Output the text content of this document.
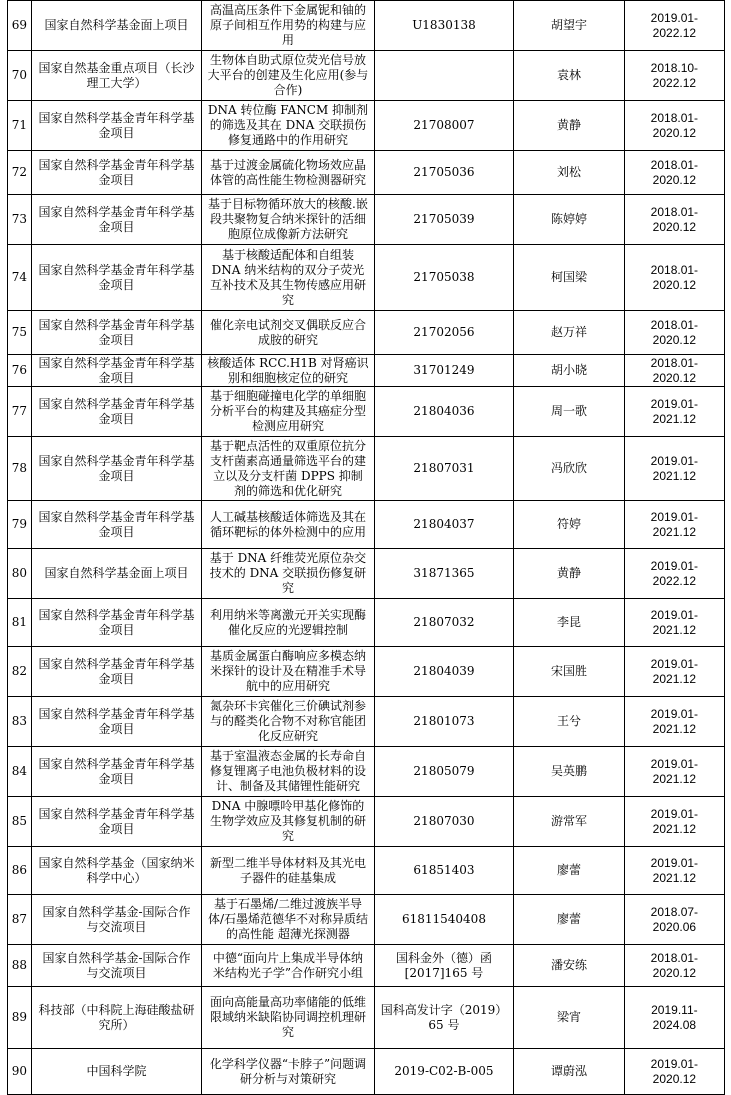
69	国家自然科学基金面上项目	高温高压条件下金属铌和铀的原子间相互作用势的构建与应用	U1830138	胡望宇	2019.01-
2022.12

70	国家自然基金重点项目（长沙理工大学）	生物体自助式原位荧光信号放大平台的创建及生化应用(参与合作)		袁林	2018.10-
2022.12

71	国家自然科学基金青年科学基金项目	DNA 转位酶 FANCM 抑制剂的筛选及其在 DNA 交联损伤修复通路中的作用研究	21708007	黄静	2018.01-
2020.12

72	国家自然科学基金青年科学基金项目	基于过渡金属硫化物场效应晶体管的高性能生物检测器研究	21705036	刘松	2018.01-
2020.12

73	国家自然科学基金青年科学基金项目	基于目标物循环放大的核酸.嵌段共聚物复合纳米探针的活细胞原位成像新方法研究	21705039	陈婷婷	2018.01-
2020.12

74	国家自然科学基金青年科学基金项目	基于核酸适配体和自组装 DNA 纳米结构的双分子荧光互补技术及其生物传感应用研究	21705038	柯国梁	2018.01-
2020.12

75	国家自然科学基金青年科学基金项目	催化亲电试剂交叉偶联反应合成胺的研究	21702056	赵万祥	2018.01-
2020.12

76	国家自然科学基金青年科学基金项目	核酸适体 RCC.H1B 对肾癌识别和细胞核定位的研究	31701249	胡小晓	2018.01-
2020.12

77	国家自然科学基金青年科学基金项目	基于细胞碰撞电化学的单细胞分析平台的构建及其癌症分型检测应用研究	21804036	周一歌	2019.01-
2021.12

78	国家自然科学基金青年科学基金项目	基于靶点活性的双重原位抗分支杆菌素高通量筛选平台的建立以及分支杆菌 DPPS 抑制剂的筛选和优化研究	21807031	冯欣欣	2019.01-
2021.12

79	国家自然科学基金青年科学基金项目	人工碱基核酸适体筛选及其在循环靶标的体外检测中的应用	21804037	符婷	2019.01-
2021.12

80	国家自然科学基金面上项目	基于 DNA 纤维荧光原位杂交技术的 DNA 交联损伤修复研究	31871365	黄静	2019.01-
2022.12

81	国家自然科学基金青年科学基金项目	利用纳米等离激元开关实现酶催化反应的光逻辑控制	21807032	李昆	2019.01-
2021.12

82	国家自然科学基金青年科学基金项目	基质金属蛋白酶响应多模态纳米探针的设计及在精准手术导航中的应用研究	21804039	宋国胜	2019.01-
2021.12

83	国家自然科学基金青年科学基金项目	氮杂环卡宾催化三价碘试剂参与的醛类化合物不对称官能团化反应研究	21801073	王兮	2019.01-
2021.12

84	国家自然科学基金青年科学基金项目	基于室温液态金属的长寿命自修复锂离子电池负极材料的设计、制备及其储锂性能研究	21805079	吴英鹏	2019.01-
2021.12

85	国家自然科学基金青年科学基金项目	DNA 中腺嘌呤甲基化修饰的生物学效应及其修复机制的研究	21807030	游常军	2019.01-
2021.12

86	国家自然科学基金（国家纳米科学中心）	新型二维半导体材料及其光电子器件的硅基集成	61851403	廖蕾	2019.01-
2021.12

87	国家自然科学基金-国际合作与交流项目	基于石墨烯/二维过渡族半导体/石墨烯范德华不对称异质结的高性能 超薄光探测器	61811540408	廖蕾	2018.07-
2020.06

88	国家自然科学基金-国际合作与交流项目	中德“面向片上集成半导体纳米结构光子学”合作研究小组	国科金外（德）函[2017]165 号	潘安练	2018.01-
2020.12

89	科技部（中科院上海硅酸盐研究所）	面向高能量高功率储能的低维限域纳米缺陷协同调控机理研究	国科高发计字（2019）65 号	梁宵	2019.11-
2024.08

90	中国科学院	化学科学仪器“卡脖子”问题调研分析与对策研究	2019-C02-B-005	谭蔚泓	2019.01-
2020.12
